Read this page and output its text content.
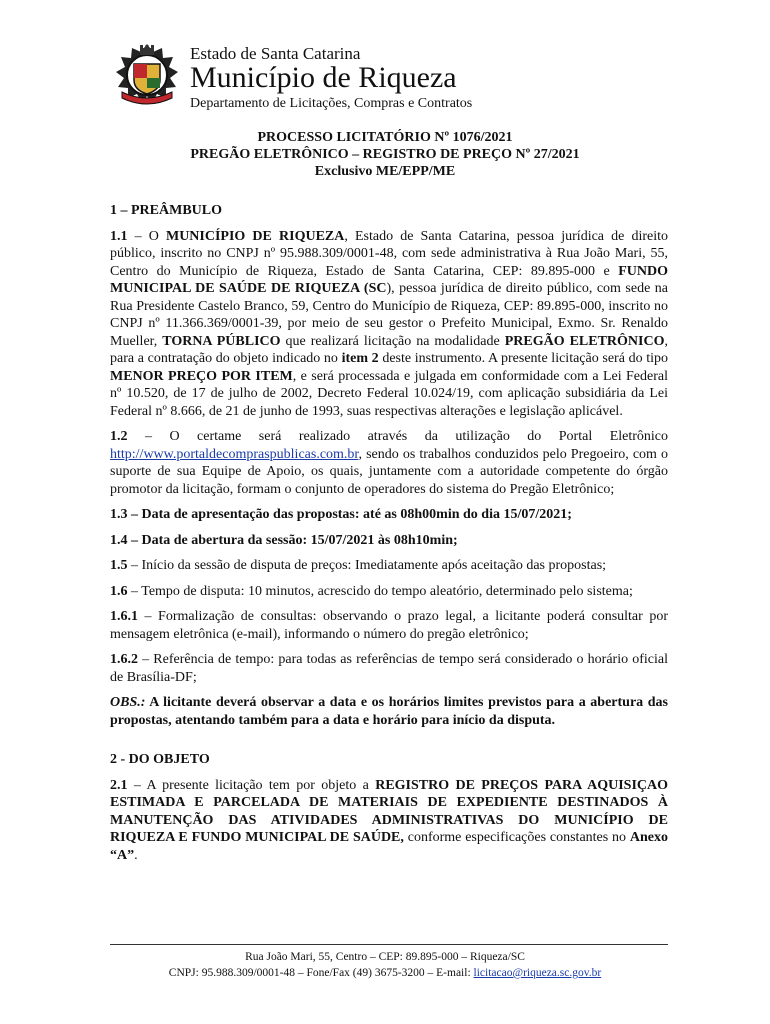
Estado de Santa Catarina
Município de Riqueza
Departamento de Licitações, Compras e Contratos
PROCESSO LICITATÓRIO Nº 1076/2021
PREGÃO ELETRÔNICO – REGISTRO DE PREÇO Nº 27/2021
Exclusivo ME/EPP/ME
1 – PREÂMBULO

1.1 – O MUNICÍPIO DE RIQUEZA, Estado de Santa Catarina, pessoa jurídica de direito público, inscrito no CNPJ nº 95.988.309/0001-48, com sede administrativa à Rua João Mari, 55, Centro do Município de Riqueza, Estado de Santa Catarina, CEP: 89.895-000 e FUNDO MUNICIPAL DE SAÚDE DE RIQUEZA (SC), pessoa jurídica de direito público, com sede na Rua Presidente Castelo Branco, 59, Centro do Município de Riqueza, CEP: 89.895-000, inscrito no CNPJ nº 11.366.369/0001-39, por meio de seu gestor o Prefeito Municipal, Exmo. Sr. Renaldo Mueller, TORNA PÚBLICO que realizará licitação na modalidade PREGÃO ELETRÔNICO, para a contratação do objeto indicado no item 2 deste instrumento. A presente licitação será do tipo MENOR PREÇO POR ITEM, e será processada e julgada em conformidade com a Lei Federal nº 10.520, de 17 de julho de 2002, Decreto Federal 10.024/19, com aplicação subsidiária da Lei Federal nº 8.666, de 21 de junho de 1993, suas respectivas alterações e legislação aplicável.

1.2 – O certame será realizado através da utilização do Portal Eletrônico http://www.portaldecompraspublicas.com.br, sendo os trabalhos conduzidos pelo Pregoeiro, com o suporte de sua Equipe de Apoio, os quais, juntamente com a autoridade competente do órgão promotor da licitação, formam o conjunto de operadores do sistema do Pregão Eletrônico;

1.3 – Data de apresentação das propostas: até as 08h00min do dia 15/07/2021;

1.4 – Data de abertura da sessão: 15/07/2021 às 08h10min;

1.5 – Início da sessão de disputa de preços: Imediatamente após aceitação das propostas;

1.6 – Tempo de disputa: 10 minutos, acrescido do tempo aleatório, determinado pelo sistema;

1.6.1 – Formalização de consultas: observando o prazo legal, a licitante poderá consultar por mensagem eletrônica (e-mail), informando o número do pregão eletrônico;

1.6.2 – Referência de tempo: para todas as referências de tempo será considerado o horário oficial de Brasília-DF;

OBS.: A licitante deverá observar a data e os horários limites previstos para a abertura das propostas, atentando também para a data e horário para início da disputa.

2 - DO OBJETO

2.1 – A presente licitação tem por objeto a REGISTRO DE PREÇOS PARA AQUISIÇAO ESTIMADA E PARCELADA DE MATERIAIS DE EXPEDIENTE DESTINADOS À MANUTENÇÃO DAS ATIVIDADES ADMINISTRATIVAS DO MUNICÍPIO DE RIQUEZA E FUNDO MUNICIPAL DE SAÚDE, conforme especificações constantes no Anexo “A”.

Rua João Mari, 55, Centro – CEP: 89.895-000 – Riqueza/SC
CNPJ: 95.988.309/0001-48 – Fone/Fax (49) 3675-3200 – E-mail: licitacao@riqueza.sc.gov.br
